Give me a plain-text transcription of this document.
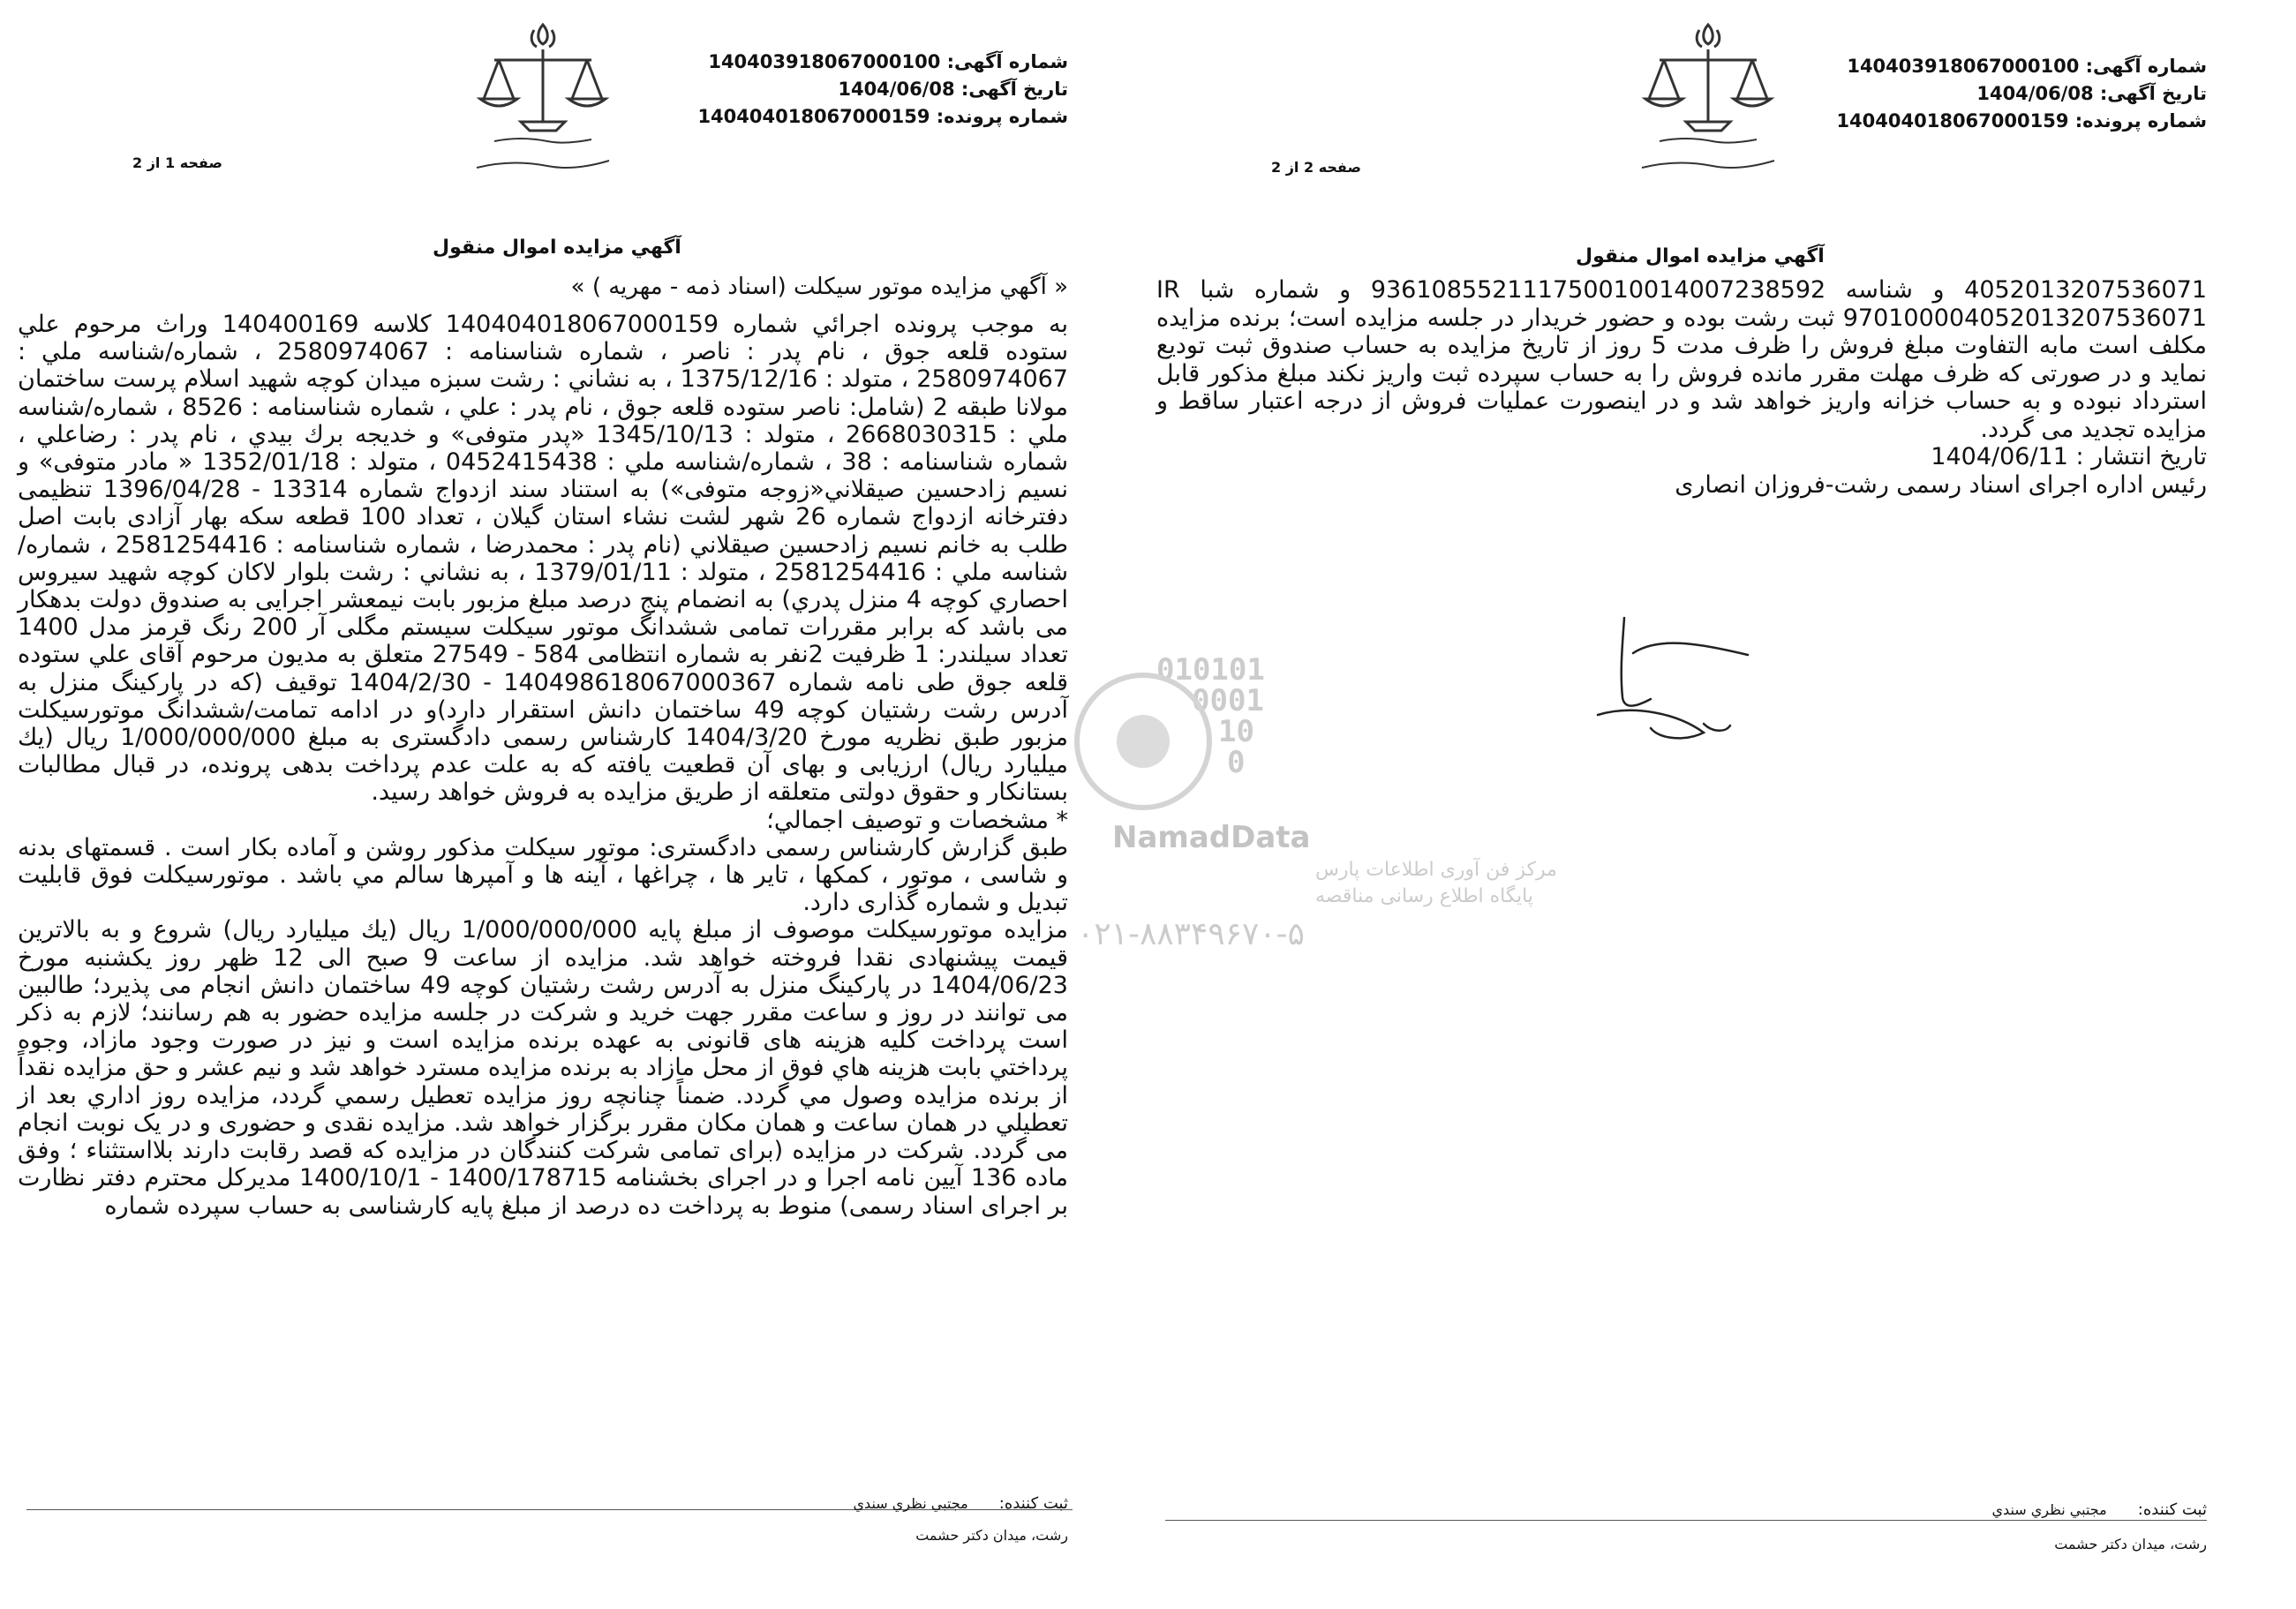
شماره آگهی: 140403918067000100
تاریخ آگهی: 1404/06/08
شماره پرونده: 140404018067000159
صفحه 1 از 2
آگهي مزايده اموال منقول
« آگهي مزايده موتور سيكلت (اسناد ذمه - مهريه ) »

به موجب پرونده اجرائي شماره 140404018067000159 كلاسه 140400169 وراث مرحوم علي ستوده قلعه جوق ، نام پدر : ناصر ، شماره شناسنامه : 2580974067 ، شماره/شناسه ملي : 2580974067 ، متولد : 1375/12/16 ، به نشاني : رشت سبزه ميدان كوچه شهيد اسلام پرست ساختمان مولانا طبقه 2 (شامل: ناصر ستوده قلعه جوق ، نام پدر : علي ، شماره شناسنامه : 8526 ، شماره/شناسه ملي : 2668030315 ، متولد : 1345/10/13 «پدر متوفی» و خديجه برك بيدي ، نام پدر : رضاعلي ، شماره شناسنامه : 38 ، شماره/شناسه ملي : 0452415438 ، متولد : 1352/01/18 « مادر متوفی» و نسيم زادحسين صيقلاني«زوجه متوفی») به استناد سند ازدواج شماره 13314 - 1396/04/28 تنظيمی دفترخانه ازدواج شماره 26 شهر لشت نشاء استان گيلان ، تعداد 100 قطعه سكه بهار آزادی بابت اصل طلب به خانم نسيم زادحسين صيقلاني (نام پدر : محمدرضا ، شماره شناسنامه : 2581254416 ، شماره/شناسه ملي : 2581254416 ، متولد : 1379/01/11 ، به نشاني : رشت بلوار لاكان كوچه شهيد سيروس احصاري كوچه 4 منزل پدري) به انضمام پنج درصد مبلغ مزبور بابت نيمعشر اجرایی به صندوق دولت بدهكار می باشد كه برابر مقررات تمامی ششدانگ موتور سيكلت سيستم مگلی آر 200 رنگ قرمز مدل 1400 تعداد سيلندر: 1 ظرفيت 2نفر به شماره انتظامی 584 - 27549 متعلق به مديون مرحوم آقای علي ستوده قلعه جوق طی نامه شماره 140498618067000367 - 1404/2/30 توقيف (كه در پاركينگ منزل به آدرس رشت رشتيان كوچه 49 ساختمان دانش استقرار دارد)و در ادامه تمامت/ششدانگ موتورسيكلت مزبور طبق نظريه مورخ 1404/3/20 كارشناس رسمی دادگستری به مبلغ 1/000/000/000 ريال (يك ميليارد ريال) ارزيابی و بهای آن قطعيت يافته كه به علت عدم پرداخت بدهی پرونده، در قبال مطالبات بستانكار و حقوق دولتی متعلقه از طريق مزايده به فروش خواهد رسيد.

* مشخصات و توصيف اجمالي؛

طبق گزارش كارشناس رسمی دادگستری: موتور سيكلت مذكور روشن و آماده بكار است . قسمتهای بدنه و شاسی ، موتور ، كمكها ، تاير ها ، چراغها ، آينه ها و آمپرها سالم مي باشد . موتورسيكلت فوق قابليت تبديل و شماره گذاری دارد.

مزايده موتورسيكلت موصوف از مبلغ پايه 1/000/000/000 ريال (يك ميليارد ريال) شروع و به بالاترين قيمت پيشنهادی نقدا فروخته خواهد شد. مزايده از ساعت 9 صبح الی 12 ظهر روز يكشنبه مورخ 1404/06/23 در پاركينگ منزل به آدرس رشت رشتيان كوچه 49 ساختمان دانش انجام می پذيرد؛ طالبين می توانند در روز و ساعت مقرر جهت خريد و شركت در جلسه مزايده حضور به هم رسانند؛ لازم به ذكر است پرداخت كليه هزينه های قانونی به عهده برنده مزايده است و نيز در صورت وجود مازاد، وجوه پرداختي بابت هزينه هاي فوق از محل مازاد به برنده مزايده مسترد خواهد شد و نيم عشر و حق مزايده نقداً از برنده مزايده وصول مي گردد. ضمناً چنانچه روز مزايده تعطيل رسمي گردد، مزايده روز اداري بعد از تعطيلي در همان ساعت و همان مكان مقرر برگزار خواهد شد. مزايده نقدی و حضوری و در يک نوبت انجام می گردد. شركت در مزايده (برای تمامی شركت كنندگان در مزايده كه قصد رقابت دارند بلااستثناء ؛ وفق ماده 136 آيين نامه اجرا و در اجرای بخشنامه 1400/178715 - 1400/10/1 مديركل محترم دفتر نظارت بر اجرای اسناد رسمی) منوط به پرداخت ده درصد از مبلغ پايه كارشناسی به حساب سپرده شماره

ثبت كننده: مجتبي نظري سندي
رشت، ميدان دكتر حشمت
010101
0001
10
0
NamadData
مرکز فن آوری اطلاعات پارس
پایگاه اطلاع رسانی مناقصه
۰۲۱-۸۸۳۴۹۶۷۰-۵
شماره آگهی: 140403918067000100
تاریخ آگهی: 1404/06/08
شماره پرونده: 140404018067000159
صفحه 2 از 2
آگهي مزايده اموال منقول

4052013207536071 و شناسه 936108552111750010014007238592 و شماره شبا IR 970100004052013207536071 ثبت رشت بوده و حضور خريدار در جلسه مزايده است؛ برنده مزايده مكلف است مابه التفاوت مبلغ فروش را ظرف مدت 5 روز از تاريخ مزايده به حساب صندوق ثبت توديع نمايد و در صورتی كه ظرف مهلت مقرر مانده فروش را به حساب سپرده ثبت واريز نكند مبلغ مذكور قابل استرداد نبوده و به حساب خزانه واريز خواهد شد و در اينصورت عمليات فروش از درجه اعتبار ساقط و مزايده تجديد می گردد.

تاريخ انتشار : 1404/06/11

رئيس اداره اجرای اسناد رسمی رشت-فروزان انصاری

ثبت كننده: مجتبي نظري سندي
رشت، ميدان دكتر حشمت
